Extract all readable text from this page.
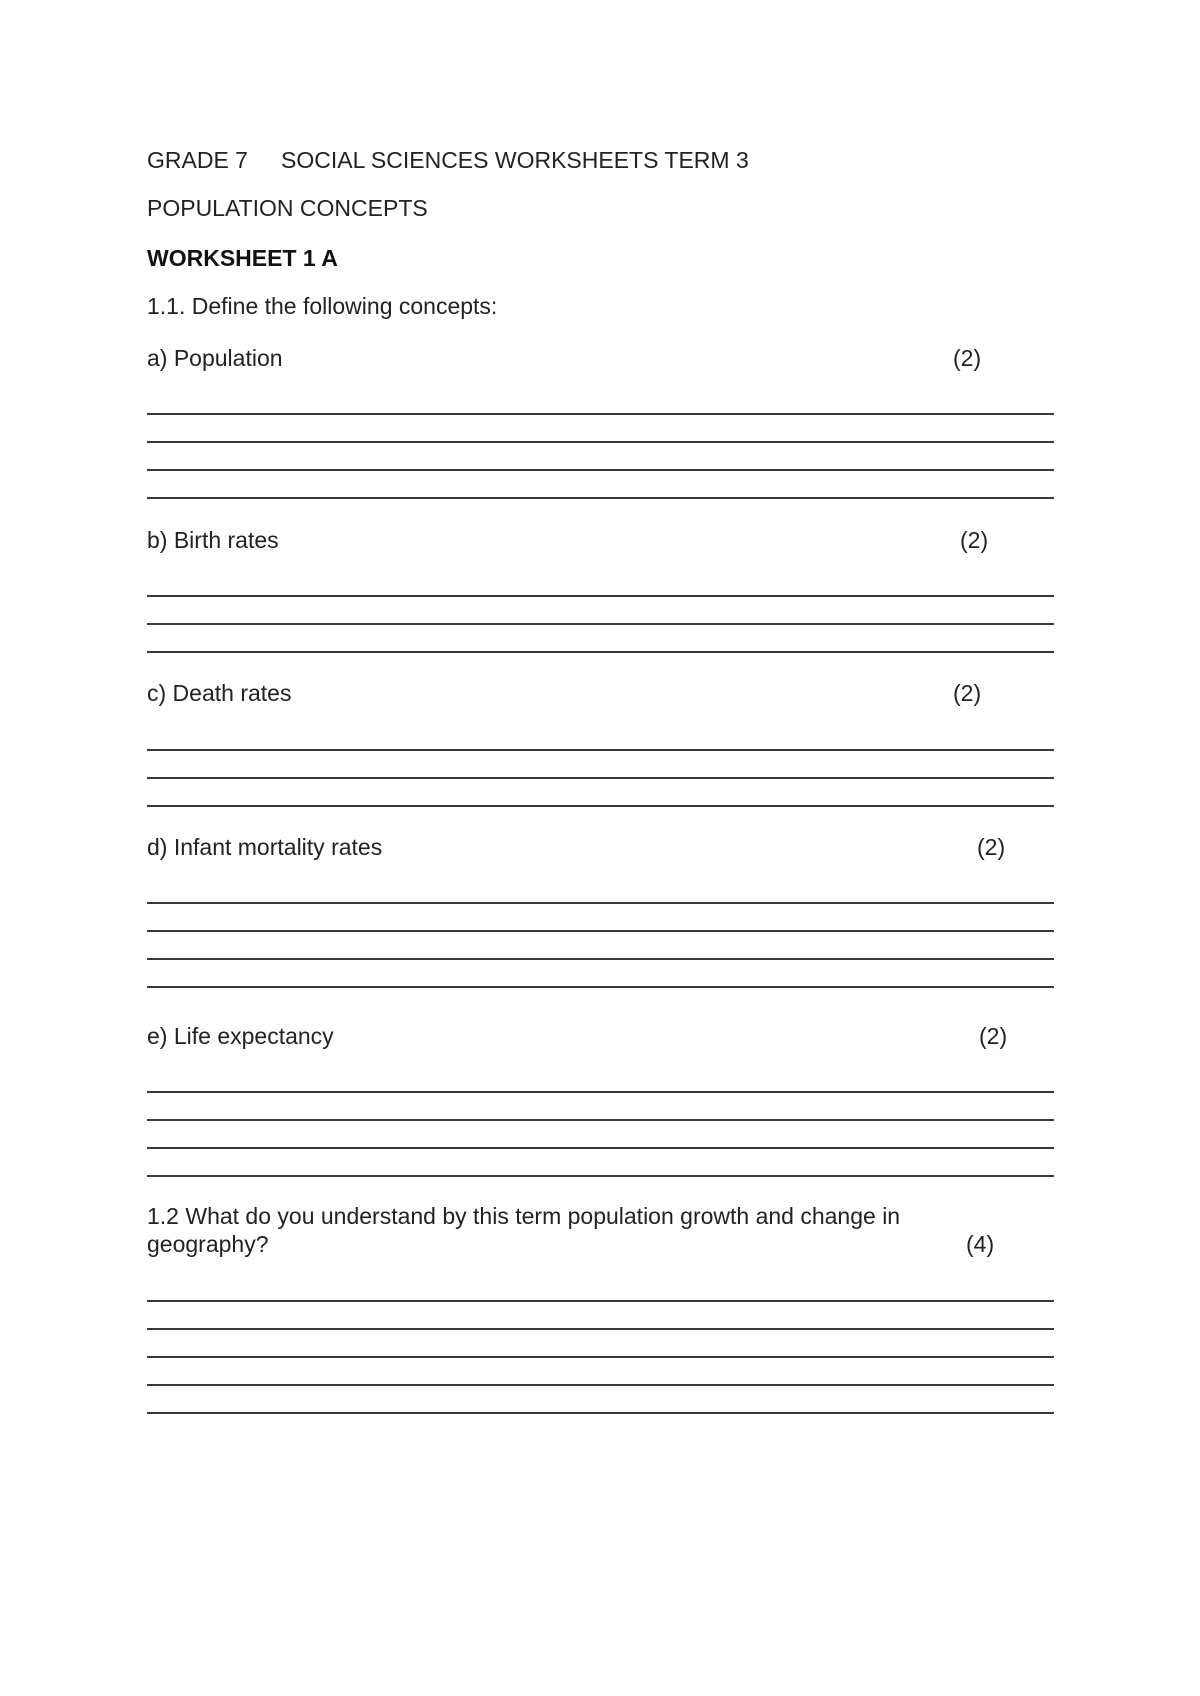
GRADE 7 SOCIAL SCIENCES WORKSHEETS TERM 3
POPULATION CONCEPTS
WORKSHEET 1 A
1.1. Define the following concepts:
a) Population	(2)
b) Birth rates	(2)
c) Death rates	(2)
d) Infant mortality rates	(2)
e) Life expectancy	(2)
1.2 What do you understand by this term population growth and change in
geography?	(4)
